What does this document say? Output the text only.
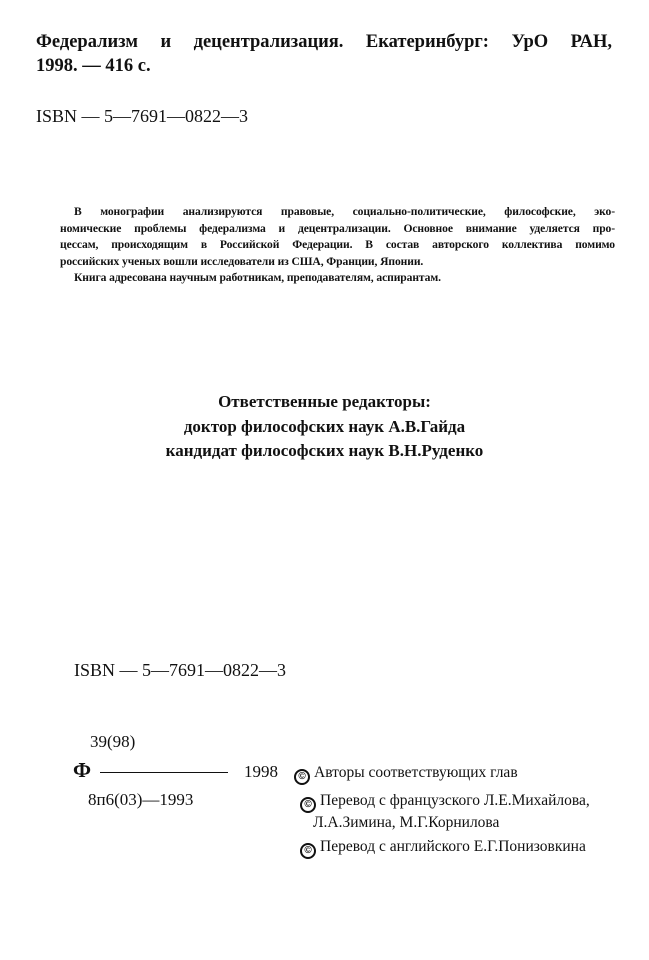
Федерализм и децентрализация. Екатеринбург: УрО РАН,
1998. — 416 с.
ISBN — 5—7691—0822—3
В монографии анализируются правовые, социально-политические, философские, эко-
номические проблемы федерализма и децентрализации. Основное внимание уделяется про-
цессам, происходящим в Российской Федерации. В состав авторского коллектива помимо
российских ученых вошли исследователи из США, Франции, Японии.
Книга адресована научным работникам, преподавателям, аспирантам.
Ответственные редакторы:
доктор философских наук А.В.Гайда
кандидат философских наук В.Н.Руденко
ISBN — 5—7691—0822—3
39(98)
Ф	1998
8п6(03)—1993
© Авторы соответствующих глав
© Перевод с французского Л.Е.Михайлова,
Л.А.Зимина, М.Г.Корнилова
© Перевод с английского Е.Г.Понизовкина
